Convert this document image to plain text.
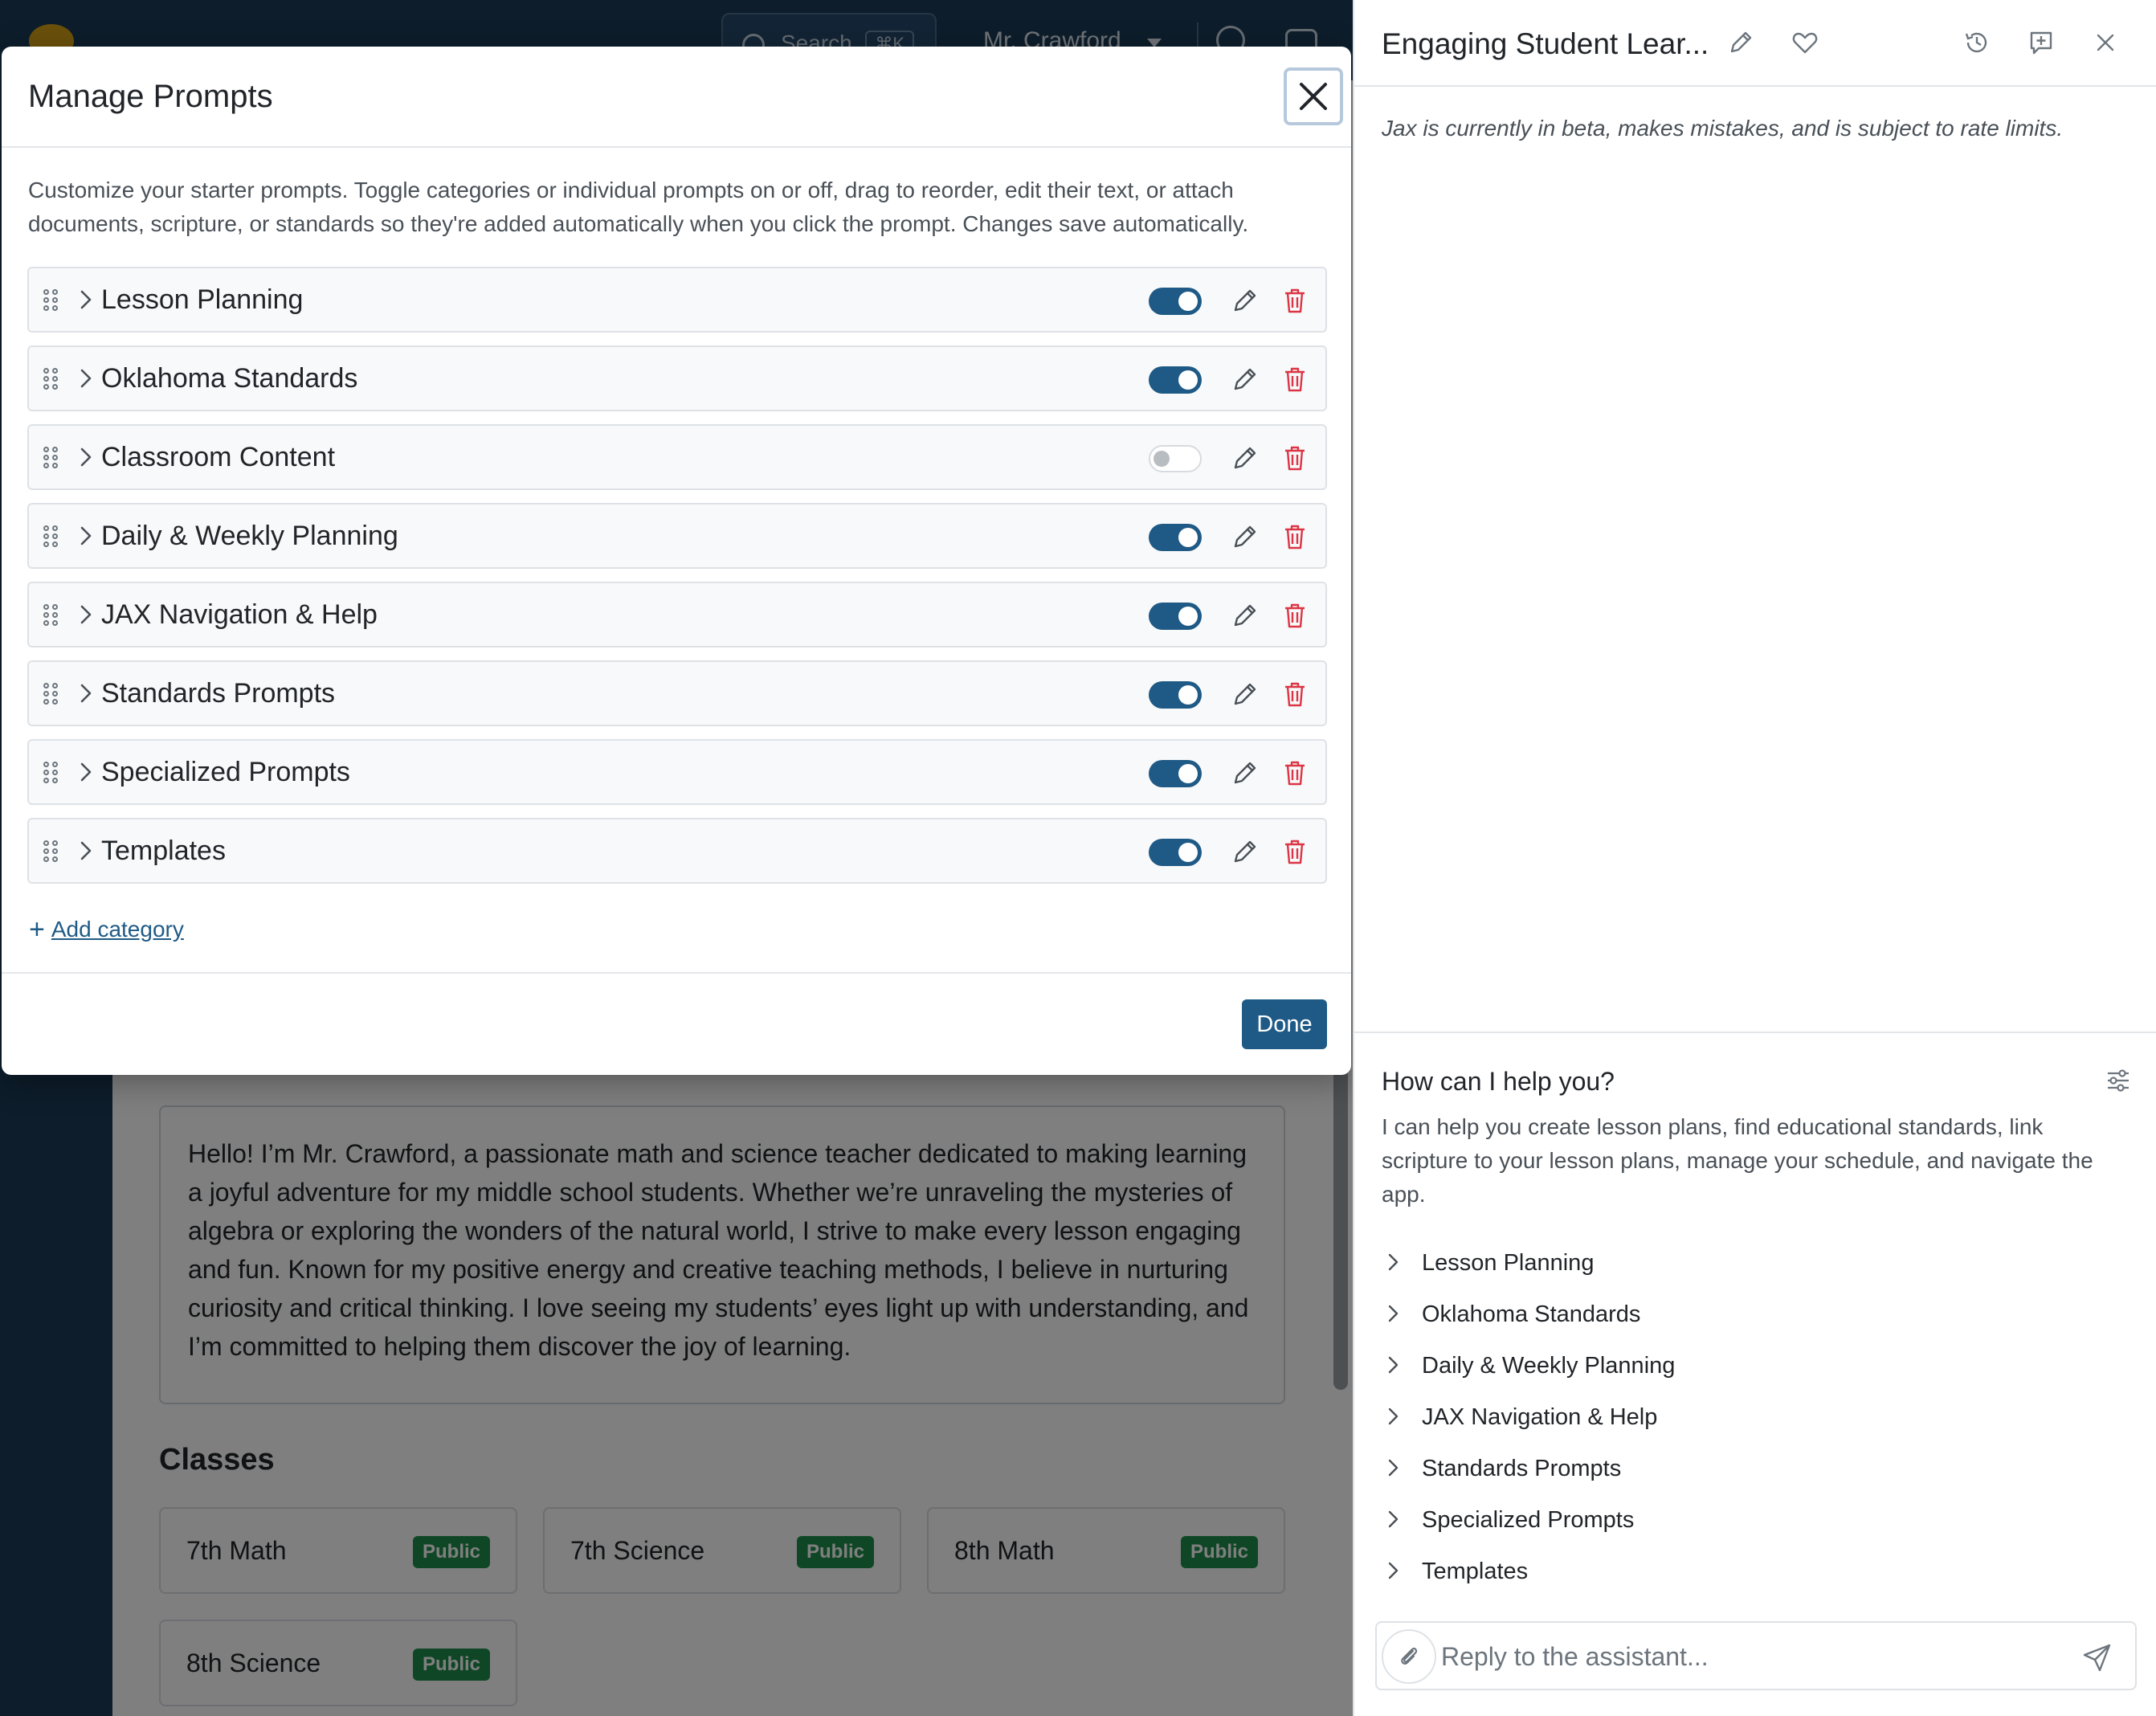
Manage Prompts
Customize your starter prompts. Toggle categories or individual prompts on or off, drag to reorder, edit their text, or attach documents, scripture, or standards so they're added automatically when you click the prompt. Changes save automatically.
Lesson Planning
Oklahoma Standards
Classroom Content
Daily & Weekly Planning
JAX Navigation & Help
Standards Prompts
Specialized Prompts
Templates
+ Add category
Done
Engaging Student Lear...
Jax is currently in beta, makes mistakes, and is subject to rate limits.
How can I help you?
I can help you create lesson plans, find educational standards, link scripture to your lesson plans, manage your schedule, and navigate the app.
Lesson Planning
Oklahoma Standards
Daily & Weekly Planning
JAX Navigation & Help
Standards Prompts
Specialized Prompts
Templates
Reply to the assistant...
